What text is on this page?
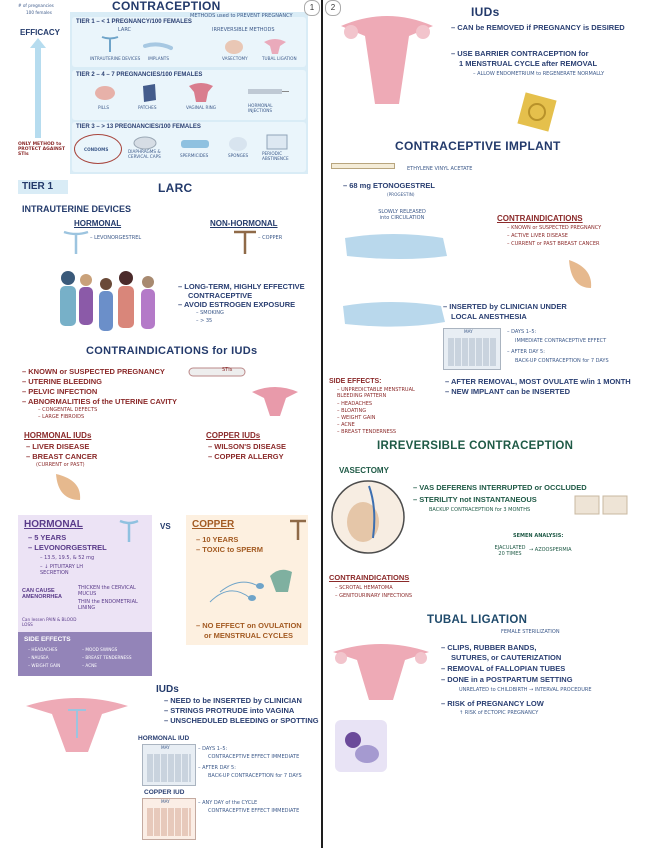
CONTRACEPTION
METHODS used to PREVENT PREGNANCY
1
# of pregnancies
100 females
EFFICACY
ONLY METHOD to PROTECT AGAINST STIs
TIER 1 – < 1 PREGNANCY/100 FEMALES
LARC	IRREVERSIBLE METHODS
INTRAUTERINE DEVICES IMPLANTS	VASECTOMY	TUBAL LIGATION
TIER 2 – 4 – 7 PREGNANCIES/100 FEMALES
PILLS	PATCHES	VAGINAL RING	HORMONAL INJECTIONS
TIER 3 – > 13 PREGNANCIES/100 FEMALES
CONDOMS	DIAPHRAGMS & CERVICAL CAPS	SPERMICIDES	SPONGES	PERIODIC ABSTINENCE
TIER 1	LARC
INTRAUTERINE DEVICES
HORMONAL
– LEVONORGESTREL
NON-HORMONAL
– COPPER
– LONG-TERM, HIGHLY EFFECTIVE
CONTRACEPTIVE
– AVOID ESTROGEN EXPOSURE
– SMOKING
– > 35
CONTRAINDICATIONS for IUDs
– KNOWN or SUSPECTED PREGNANCY
– UTERINE BLEEDING
– PELVIC INFECTION
– ABNORMALITIES of the UTERINE CAVITY
– CONGENTAL DEFECTS
– LARGE FIBROIDS
STIs
HORMONAL IUDs
– LIVER DISEASE
– BREAST CANCER
(CURRENT or PAST)
COPPER IUDs
– WILSON'S DISEASE
– COPPER ALLERGY
HORMONAL
– 5 YEARS
– LEVONORGESTREL
– 13.5, 19.5, & 52 mg
– ↓ PITUITARY LH SECRETION
CAN CAUSE AMENORRHEA
THICKEN the CERVICAL MUCUS
THIN the ENDOMETRIAL LINING
Can lessen PAIN & BLOOD LOSS
SIDE EFFECTS
– HEADACHES
– NAUSEA
– WEIGHT GAIN
– MOOD SWINGS
– BREAST TENDERNESS
– ACNE
VS COPPER
– 10 YEARS
– TOXIC to SPERM
– NO EFFECT on OVULATION
or MENSTRUAL CYCLES
IUDs
– NEED to be INSERTED by CLINICIAN
– STRINGS PROTRUDE into VAGINA
– UNSCHEDULED BLEEDING or SPOTTING
HORMONAL IUD
MAY	– DAYS 1–5:
CONTRACEPTIVE EFFECT IMMEDIATE
– AFTER DAY 5:
BACK-UP CONTRACEPTION for 7 DAYS
COPPER IUD
MAY	– ANY DAY of the CYCLE
CONTRACEPTIVE EFFECT IMMEDIATE
2	IUDs
– CAN be REMOVED if PREGNANCY is DESIRED
– USE BARRIER CONTRACEPTION for
1 MENSTRUAL CYCLE after REMOVAL
– ALLOW ENDOMETRIUM to REGENERATE NORMALLY
CONTRACEPTIVE IMPLANT
ETHYLENE VINYL ACETATE
– 68 mg ETONOGESTREL
(PROGESTIN)
SLOWLY RELEASED into CIRCULATION	CONTRAINDICATIONS
– KNOWN or SUSPECTED PREGNANCY
– ACTIVE LIVER DISEASE
– CURRENT or PAST BREAST CANCER
– INSERTED by CLINICIAN UNDER
LOCAL ANESTHESIA
MAY	– DAYS 1–5:
IMMEDIATE CONTRACEPTIVE EFFECT
– AFTER DAY 5:
BACK-UP CONTRACEPTION for 7 DAYS
SIDE EFFECTS:
– UNPREDICTABLE MENSTRUAL BLEEDING PATTERN
– HEADACHES
– BLOATING
– WEIGHT GAIN
– ACNE
– BREAST TENDERNESS
– AFTER REMOVAL, MOST OVULATE w/in 1 MONTH
– NEW IMPLANT can be INSERTED
IRREVERSIBLE CONTRACEPTION
VASECTOMY
– VAS DEFERENS INTERRUPTED or OCCLUDED
– STERILITY not INSTANTANEOUS
BACKUP CONTRACEPTION for 3 MONTHS
SEMEN ANALYSIS:
EJACULATED 20 TIMES
→ AZOOSPERMIA
CONTRAINDICATIONS
– SCROTAL HEMATOMA
– GENITOURINARY INFECTIONS
TUBAL LIGATION
FEMALE STERILIZATION
– CLIPS, RUBBER BANDS,
SUTURES, or CAUTERIZATION
– REMOVAL of FALLOPIAN TUBES
– DONE in a POSTPARTUM SETTING
UNRELATED to CHILDBIRTH → INTERVAL PROCEDURE
– RISK of PREGNANCY LOW
↑ RISK of ECTOPIC PREGNANCY
